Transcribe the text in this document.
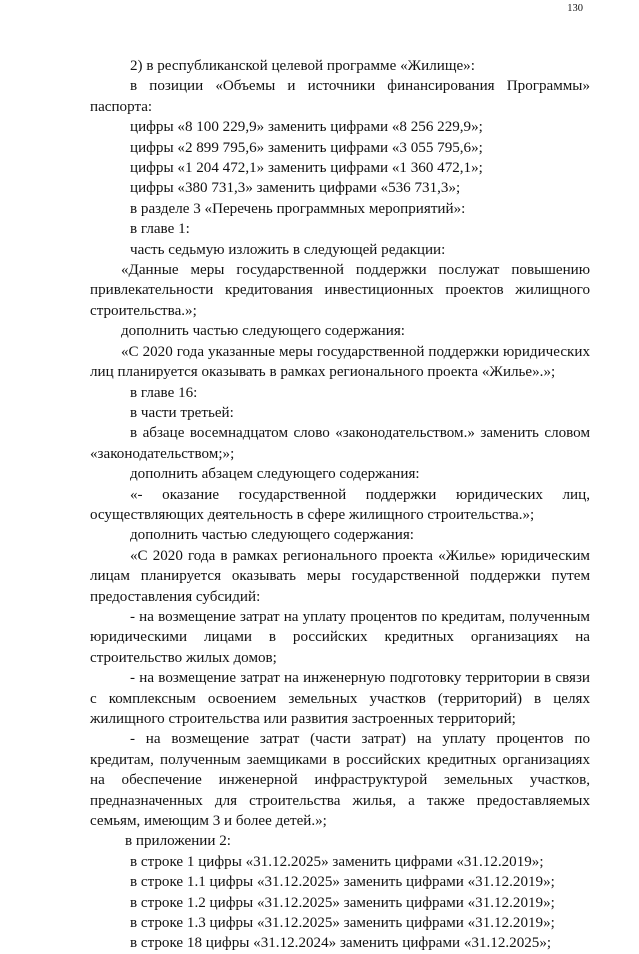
130

2) в республиканской целевой программе «Жилище»:

в позиции «Объемы и источники финансирования Программы» паспорта:

цифры «8 100 229,9» заменить цифрами «8 256 229,9»;

цифры «2 899 795,6» заменить цифрами «3 055 795,6»;

цифры «1 204 472,1» заменить цифрами «1 360 472,1»;

цифры «380 731,3» заменить цифрами «536 731,3»;

в разделе 3 «Перечень программных мероприятий»:

в главе 1:

часть седьмую изложить в следующей редакции:

«Данные меры государственной поддержки послужат повышению привлекательности кредитования инвестиционных проектов жилищного строительства.»;

дополнить частью следующего содержания:

«С 2020 года указанные меры государственной поддержки юридических лиц планируется оказывать в рамках регионального проекта «Жилье».»;

в главе 16:

в части третьей:

в абзаце восемнадцатом слово «законодательством.» заменить словом «законодательством;»;

дополнить абзацем следующего содержания:

«- оказание государственной поддержки юридических лиц, осуществляющих деятельность в сфере жилищного строительства.»;

дополнить частью следующего содержания:

«С 2020 года в рамках регионального проекта «Жилье» юридическим лицам планируется оказывать меры государственной поддержки путем предоставления субсидий:

- на возмещение затрат на уплату процентов по кредитам, полученным юридическими лицами в российских кредитных организациях на строительство жилых домов;

- на возмещение затрат на инженерную подготовку территории в связи с комплексным освоением земельных участков (территорий) в целях жилищного строительства или развития застроенных территорий;

- на возмещение затрат (части затрат) на уплату процентов по кредитам, полученным заемщиками в российских кредитных организациях на обеспечение инженерной инфраструктурой земельных участков, предназначенных для строительства жилья, а также предоставляемых семьям, имеющим 3 и более детей.»;

в приложении 2:

в строке 1 цифры «31.12.2025» заменить цифрами «31.12.2019»;

в строке 1.1 цифры «31.12.2025» заменить цифрами «31.12.2019»;

в строке 1.2 цифры «31.12.2025» заменить цифрами «31.12.2019»;

в строке 1.3 цифры «31.12.2025» заменить цифрами «31.12.2019»;

в строке 18 цифры «31.12.2024» заменить цифрами «31.12.2025»;
